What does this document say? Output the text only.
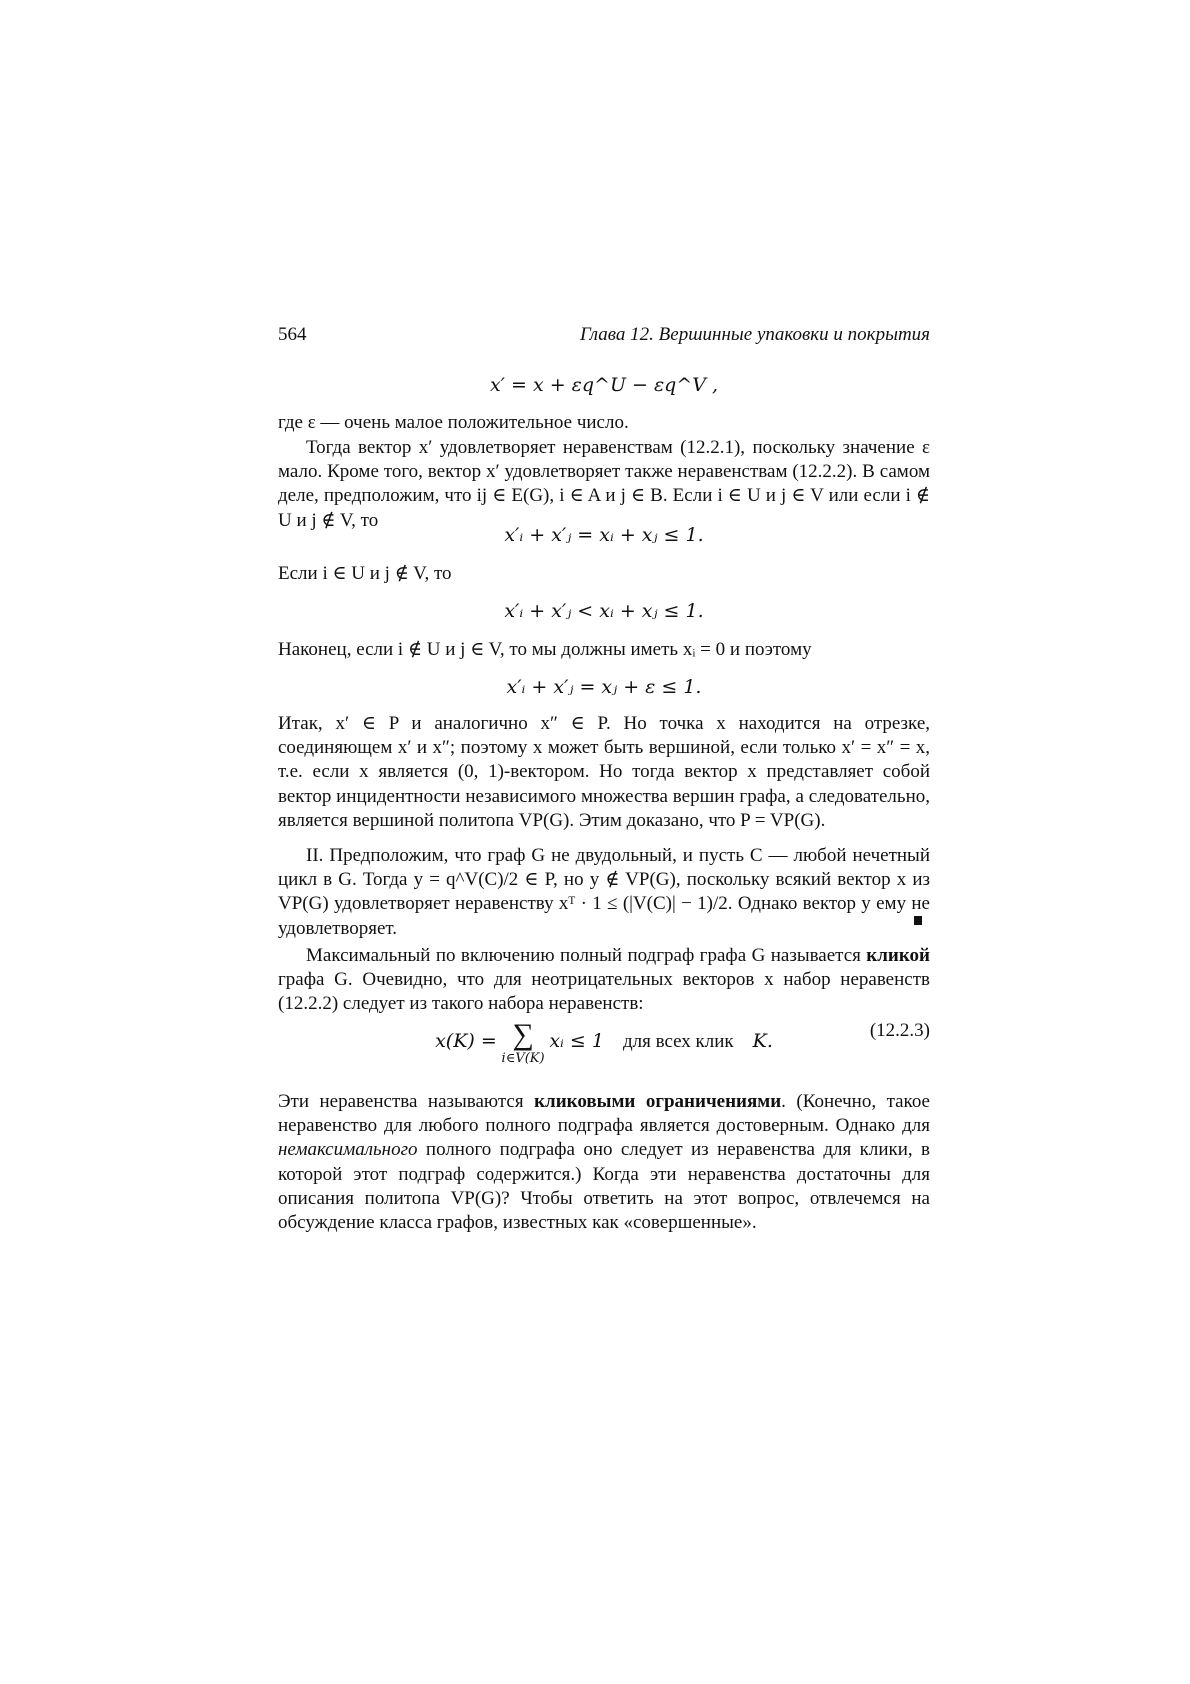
564	Глава 12. Вершинные упаковки и покрытия
x′ = x + εq^U − εq^V ,
где ε — очень малое положительное число.
Тогда вектор x′ удовлетворяет неравенствам (12.2.1), поскольку значение ε мало. Кроме того, вектор x′ удовлетворяет также неравенствам (12.2.2). В самом деле, предположим, что ij ∈ E(G), i ∈ A и j ∈ B. Если i ∈ U и j ∈ V или если i ∉ U и j ∉ V, то
x′ᵢ + x′ⱼ = xᵢ + xⱼ ≤ 1.
Если i ∈ U и j ∉ V, то
x′ᵢ + x′ⱼ < xᵢ + xⱼ ≤ 1.
Наконец, если i ∉ U и j ∈ V, то мы должны иметь xᵢ = 0 и поэтому
x′ᵢ + x′ⱼ = xⱼ + ε ≤ 1.
Итак, x′ ∈ P и аналогично x″ ∈ P. Но точка x находится на отрезке, соединяющем x′ и x″; поэтому x может быть вершиной, если только x′ = x″ = x, т.е. если x является (0, 1)-вектором. Но тогда вектор x представляет собой вектор инцидентности независимого множества вершин графа, а следовательно, является вершиной политопа VP(G). Этим доказано, что P = VP(G).
II. Предположим, что граф G не двудольный, и пусть C — любой нечетный цикл в G. Тогда y = q^V(C)/2 ∈ P, но y ∉ VP(G), поскольку всякий вектор x из VP(G) удовлетворяет неравенству xᵀ · 1 ≤ (|V(C)| − 1)/2. Однако вектор y ему не удовлетворяет.
Максимальный по включению полный подграф графа G называется кликой графа G. Очевидно, что для неотрицательных векторов x набор неравенств (12.2.2) следует из такого набора неравенств:
x(K) = ∑
i∈V(K)
xᵢ ≤ 1 для всех клик K.	(12.2.3)
Эти неравенства называются кликовыми ограничениями. (Конечно, такое неравенство для любого полного подграфа является достоверным. Однако для немаксимального полного подграфа оно следует из неравенства для клики, в которой этот подграф содержится.) Когда эти неравенства достаточны для описания политопа VP(G)? Чтобы ответить на этот вопрос, отвлечемся на обсуждение класса графов, известных как «совершенные».
